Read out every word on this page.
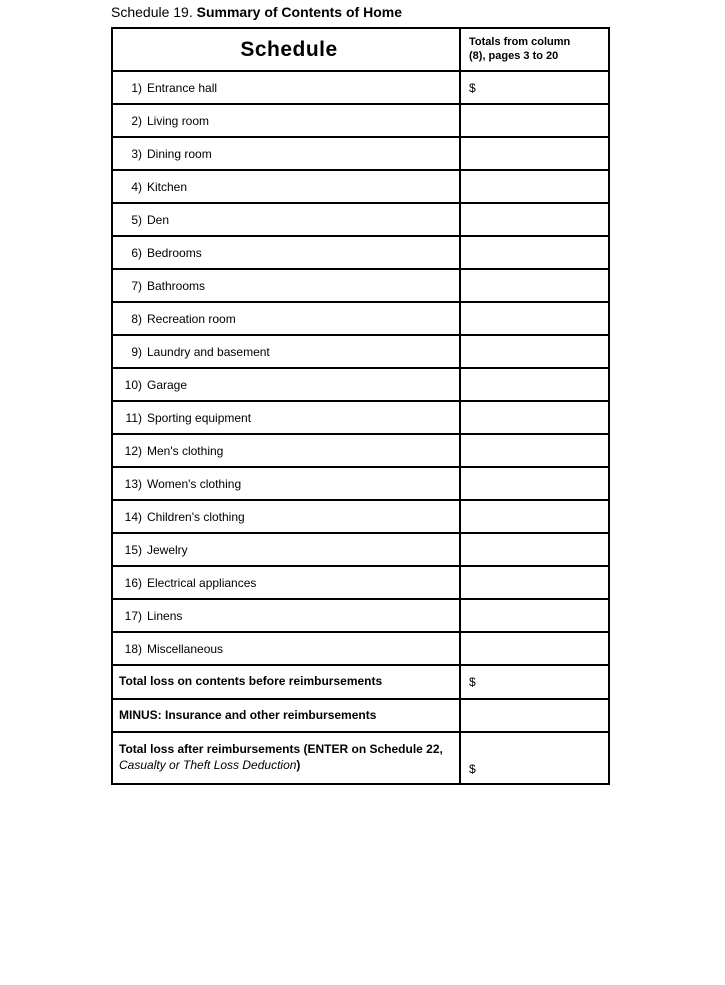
Schedule 19. Summary of Contents of Home
Schedule	Totals from column
(8), pages 3 to 20
1) Entrance hall	$
2) Living room
3) Dining room
4) Kitchen
5) Den
6) Bedrooms
7) Bathrooms
8) Recreation room
9) Laundry and basement
10) Garage
11) Sporting equipment
12) Men's clothing
13) Women's clothing
14) Children's clothing
15) Jewelry
16) Electrical appliances
17) Linens
18) Miscellaneous
Total loss on contents before reimbursements	$
MINUS: Insurance and other reimbursements
Total loss after reimbursements (ENTER on Schedule 22, Casualty or Theft Loss Deduction)	$
